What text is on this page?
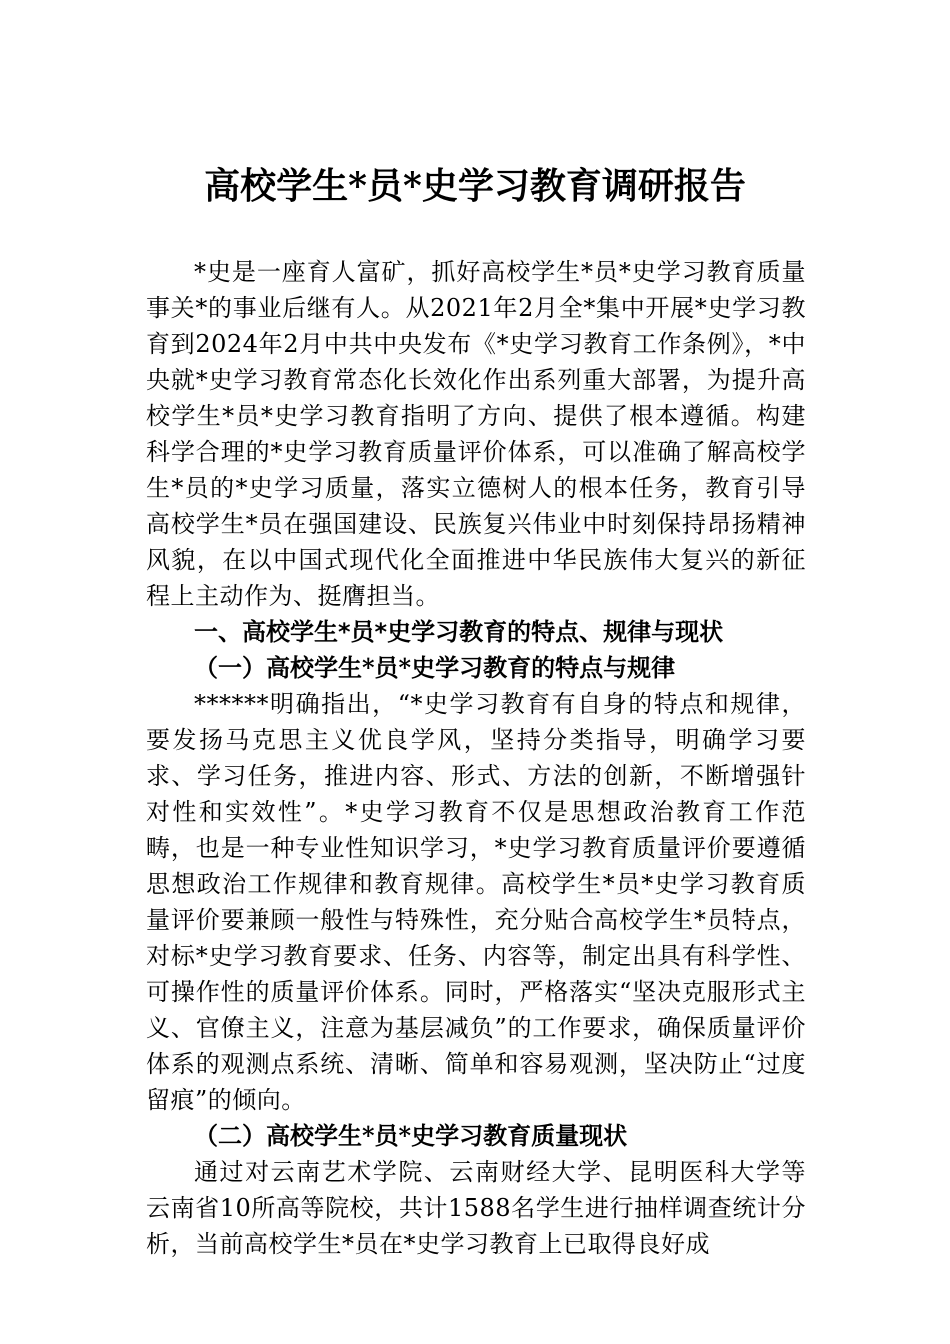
高校学生*员*史学习教育调研报告

*史是一座育人富矿，抓好高校学生*员*史学习教育质量事关*的事业后继有人。从2021年2月全*集中开展*史学习教育到2024年2月中共中央发布《*史学习教育工作条例》，*中央就*史学习教育常态化长效化作出系列重大部署，为提升高校学生*员*史学习教育指明了方向、提供了根本遵循。构建科学合理的*史学习教育质量评价体系，可以准确了解高校学生*员的*史学习质量，落实立德树人的根本任务，教育引导高校学生*员在强国建设、民族复兴伟业中时刻保持昂扬精神风貌，在以中国式现代化全面推进中华民族伟大复兴的新征程上主动作为、挺膺担当。

一、高校学生*员*史学习教育的特点、规律与现状

（一）高校学生*员*史学习教育的特点与规律

******明确指出，“*史学习教育有自身的特点和规律，要发扬马克思主义优良学风，坚持分类指导，明确学习要求、学习任务，推进内容、形式、方法的创新，不断增强针对性和实效性”。*史学习教育不仅是思想政治教育工作范畴，也是一种专业性知识学习，*史学习教育质量评价要遵循思想政治工作规律和教育规律。高校学生*员*史学习教育质量评价要兼顾一般性与特殊性，充分贴合高校学生*员特点，对标*史学习教育要求、任务、内容等，制定出具有科学性、可操作性的质量评价体系。同时，严格落实“坚决克服形式主义、官僚主义，注意为基层减负”的工作要求，确保质量评价体系的观测点系统、清晰、简单和容易观测，坚决防止“过度留痕”的倾向。

（二）高校学生*员*史学习教育质量现状

通过对云南艺术学院、云南财经大学、昆明医科大学等云南省10所高等院校，共计1588名学生进行抽样调查统计分析，当前高校学生*员在*史学习教育上已取得良好成
